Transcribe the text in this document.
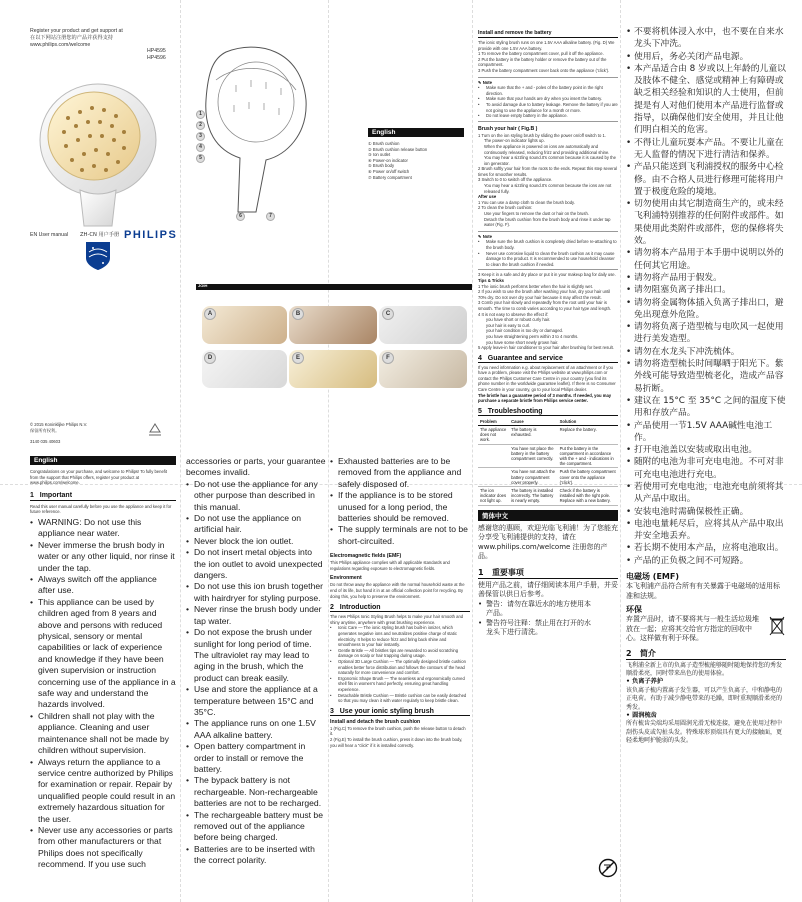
Register your product and get support at
在以下网站注册您的产品并获得支持
www.philips.com/welcome
HP4595
HP4596
EN User manual ZH-CN 用户手册 PHILIPS
1
2
3
4
5
6	7
English
① Brush cushion
② Brush cushion release button
③ Ion outlet
④ Power-on indicator
⑤ Brush body
⑥ Power on/off switch
⑦ Battery compartment
JOIH
A	B	C
D	E	F
© 2015 Koninklijke Philips N.V.
保留所有权利。
3140 035 40603
English
Congratulations on your purchase, and welcome to Philips! To fully benefit from the support that Philips offers, register your product at www.philips.com/welcome.
1 Important
Read this user manual carefully before you use the appliance and keep it for future reference.
• WARNING: Do not use this appliance near water.
• Never immerse the brush body in water or any other liquid, nor rinse it under the tap.
• Always switch off the appliance after use.
• This appliance can be used by children aged from 8 years and above and persons with reduced physical, sensory or mental capabilities or lack of experience and knowledge if they have been given supervision or instruction concerning use of the appliance in a safe way and understand the hazards involved.
• Children shall not play with the appliance. Cleaning and user maintenance shall not be made by children without supervision.
• Always return the appliance to a service centre authorized by Philips for examination or repair. Repair by unqualified people could result in an extremely hazardous situation for the user.
• Never use any accessories or parts from other manufacturers or that Philips does not specifically recommend. If you use such
accessories or parts, your guarantee becomes invalid.
• Do not use the appliance for any other purpose than described in this manual.
• Do not use the appliance on artificial hair.
• Never block the ion outlet.
• Do not insert metal objects into the ion outlet to avoid unexpected dangers.
• Do not use this ion brush together with hairdryer for styling purpose.
• Never rinse the brush body under tap water.
• Do not expose the brush under sunlight for long period of time. The ultraviolet ray may lead to aging in the brush, which the product can break easily.
• Use and store the appliance at a temperature between 15°C and 35°C.
• The appliance runs on one 1.5V AAA alkaline battery.
• Open battery compartment in order to install or remove the battery.
• The bypack battery is not rechargeable. Non-rechargeable batteries are not to be recharged.
• The rechargeable battery must be removed out of the appliance before being charged.
• Batteries are to be inserted with the correct polarity.
• Exhausted batteries are to be removed from the appliance and safely disposed of.
• If the appliance is to be stored unused for a long period, the batteries should be removed.
• The supply terminals are not to be short-circuited.
Electromagnetic fields (EMF)
This Philips appliance complies with all applicable standards and regulations regarding exposure to electromagnetic fields.
Environment
Do not throw away the appliance with the normal household waste at the end of its life, but hand it in at an official collection point for recycling. By doing this, you help to preserve the environment.
2 Introduction
The new Philips Ionic Styling Brush helps to make your hair smooth and shiny anytime, anywhere with great brushing experience.
• Ionic Care — The ionic styling brush has built-in ionizer, which generates negative ions and neutralizes positive charge of static electricity. It helps to reduce frizz and bring back shine and smoothness to your hair instantly.
• Gentle Bristle — All bristles tips are rewarded to avoid scratching damage on scalp or hair trapping during usage.
• Optional 3D Large Cushion — The optimally designed bristle cushion enables better force distribution and follows the contours of the head naturally for more convenience and comfort.
• Ergonomic Shape Brush — The seamless and ergonomically curved shell fits in women's hand perfectly, ensuring great handling experience.
• Detachable Bristle Cushion — Bristle cushion can be easily detached so that you may clean it with water regularly to keep bristle clean.
3 Use your ionic styling brush
Install and detach the brush cushion
1 (Fig.C) To remove the brush cushion, push the release button to detach it.
2 (Fig.E) To install the brush cushion, press it down into the brush body, you will hear a "click" if it is installed correctly.
Install and remove the battery
The ionic styling brush runs on one 1.5V AAA alkaline battery. (Fig. D) We provide with one 1.5V AAA battery.
1 To remove the battery compartment cover, pull it off the appliance.
2 Put the battery in the battery holder or remove the battery out of the compartment.
3 Push the battery compartment cover back onto the appliance ('click').
✎ Note
• Make sure that the + and - poles of the battery point in the right direction.
• Make sure that your hands are dry when you insert the battery.
• To avoid damage due to battery leakage. Remove the battery if you are not going to use the appliance for a month or more.
• Do not leave empty battery in the appliance.
Brush your hair ( Fig.B )
1 Turn on the ion styling brush by sliding the power on/off switch to 1.
The power-on indicator lights up.
When the appliance is powered on ions are automatically and continuously released, reducing frizz and providing additional shine.
You may hear a sizzling sound.It's common because it is caused by the ion generator.
2 Brush softly your hair from the roots to the ends. Repeat this step several times for smoother results.
3 Switch to 0 to switch off the appliance.
You may hear a sizzling sound.It's common because the ions are not released fully.
After use
1 You can use a damp cloth to clean the brush body.
2 To clean the brush cushion:
Use your fingers to remove the dust or hair on the brush.
Detach the brush cushion from the brush body and rinse it under tap water (Fig. F).
✎ Note
• Make sure the brush cushion is completely dried before re-attaching to the brush body.
• Never use corrosive liquid to clean the brush cushion as it may cause damage to the product. It is recommended to use household cleanser to clean the brush cushion if needed.
3 Keep it in a safe and dry place or put it in your makeup bag for daily use.
Tips & Tricks
1 The ionic brush performs better when the hair is slightly wet.
2 If you wish to use the brush after washing your hair, dry your hair until 70% dry. Do not over dry your hair because it may affect the result.
3 Comb your hair slowly and repeatedly from the root until your hair is smooth. The time to comb varies according to your hair type and length.
4 It is not easy to observe the effect if:
you have short or robust curly hair.
your hair is easy to curl.
your hair condition is too dry or damaged.
you have straightening perm within 3 to 4 months.
you have some short newly grown hair.
5 Apply leave-in hair conditioner to your hair after brushing for best result.
4 Guarantee and service
If you need information e.g. about replacement of an attachment or if you have a problem, please visit the Philips website at www.philips.com or contact the Philips Customer Care Centre in your country (you find its phone number in the worldwide guarantee leaflet). If there is no Consumer Care Centre in your country, go to your local Philips dealer.
The bristle has a guarantee period of 3 months. If needed, you may purchase a separate bristle from Philips service center.
5 Troubleshooting
Problem	Cause	Solution
The appliance does not work.	The battery is exhausted.	Replace the battery.
	You have not place the battery in the battery compartment correctly.	Put the battery in the compartment in accordance with the + and - indications in the compartment.
	You have not attach the battery compartment cover properly.	Push the battery compartment cover onto the appliance ('click').
The ion indicator does not light up.	The battery is installed incorrectly. The battery is nearly empty.	Check if the battery is installed with the right pole. Replace with a new battery.
简体中文
感谢您的惠顾，欢迎光临飞利浦！为了您能充分享受飞利浦提供的支持，请在 www.philips.com/welcome 注册您的产品。
1 重要事项
使用产品之前，请仔细阅读本用户手册，并妥善保管以供日后参考。
• 警告：请勿在靠近水的地方使用本产品。
• 警告符号注释：禁止用在打开的水龙头下进行清洗。
• 不要将机体浸入水中，也不要在自来水龙头下冲洗。
• 使用后，务必关闭产品电源。
• 本产品适合由 8 岁或以上年龄的儿童以及肢体不健全、感觉或精神上有障碍或缺乏相关经验和知识的人士使用，但前提是有人对他们使用本产品进行监督或指导，以确保他们安全使用，并且让他们明白相关的危害。
• 不得让儿童玩耍本产品。不要让儿童在无人监督的情况下进行清洁和保养。
• 产品只能送到飞利浦授权的服务中心检修。由不合格人员进行修理可能将用户置于极度危险的境地。
• 切勿使用由其它制造商生产的，或未经飞利浦特别推荐的任何附件或部件。如果使用此类附件或部件，您的保修将失效。
• 请勿将本产品用于本手册中说明以外的任何其它用途。
• 请勿将产品用于假发。
• 请勿阻塞负离子排出口。
• 请勿将金属物体插入负离子排出口，避免出现意外危险。
• 请勿将负离子造型梳与电吹风一起使用进行美发造型。
• 请勿在水龙头下冲洗梳体。
• 请勿将造型梳长时间曝晒于阳光下。紫外线可能导致造型梳老化，造成产品容易折断。
• 建议在 15°C 至 35°C 之间的温度下使用和存放产品。
• 产品使用一节1.5V AAA碱性电池工作。
• 打开电池盖以安装或取出电池。
• 随附的电池为非可充电电池。不可对非可充电电池进行充电。
• 若使用可充电电池，电池充电前须将其从产品中取出。
• 安装电池时需确保极性正确。
• 电池电量耗尽后，应将其从产品中取出并安全地丢弃。
• 若长期不使用本产品，应将电池取出。
• 产品的正负极之间不可短路。
电磁场 (EMF)
本飞利浦产品符合所有有关暴露于电磁场的适用标准和法规。
环保
弃置产品时，请不要将其与一般生活垃圾堆放在一起；应将其交给官方指定的回收中心。这样做有利于环保。
2 简介
飞利浦全新上市的负离子造型梳能够随时随地保持您的秀发顺滑柔亮，同时带来出色的使用体验。
• 负离子养护
该负离子梳内置离子发生器，可以产生负离子，中和静电的正电荷。有助于减少静电带来的毛躁，即时重现顺滑柔亮的秀发。
• 圆润梳齿
所有梳齿尖端均采用圆润光滑无棱连接，避免在使用过程中刮伤头皮或勾扯头发。特殊球形顶端具有更大的接触面，更轻柔地呵护脆弱的头发。
